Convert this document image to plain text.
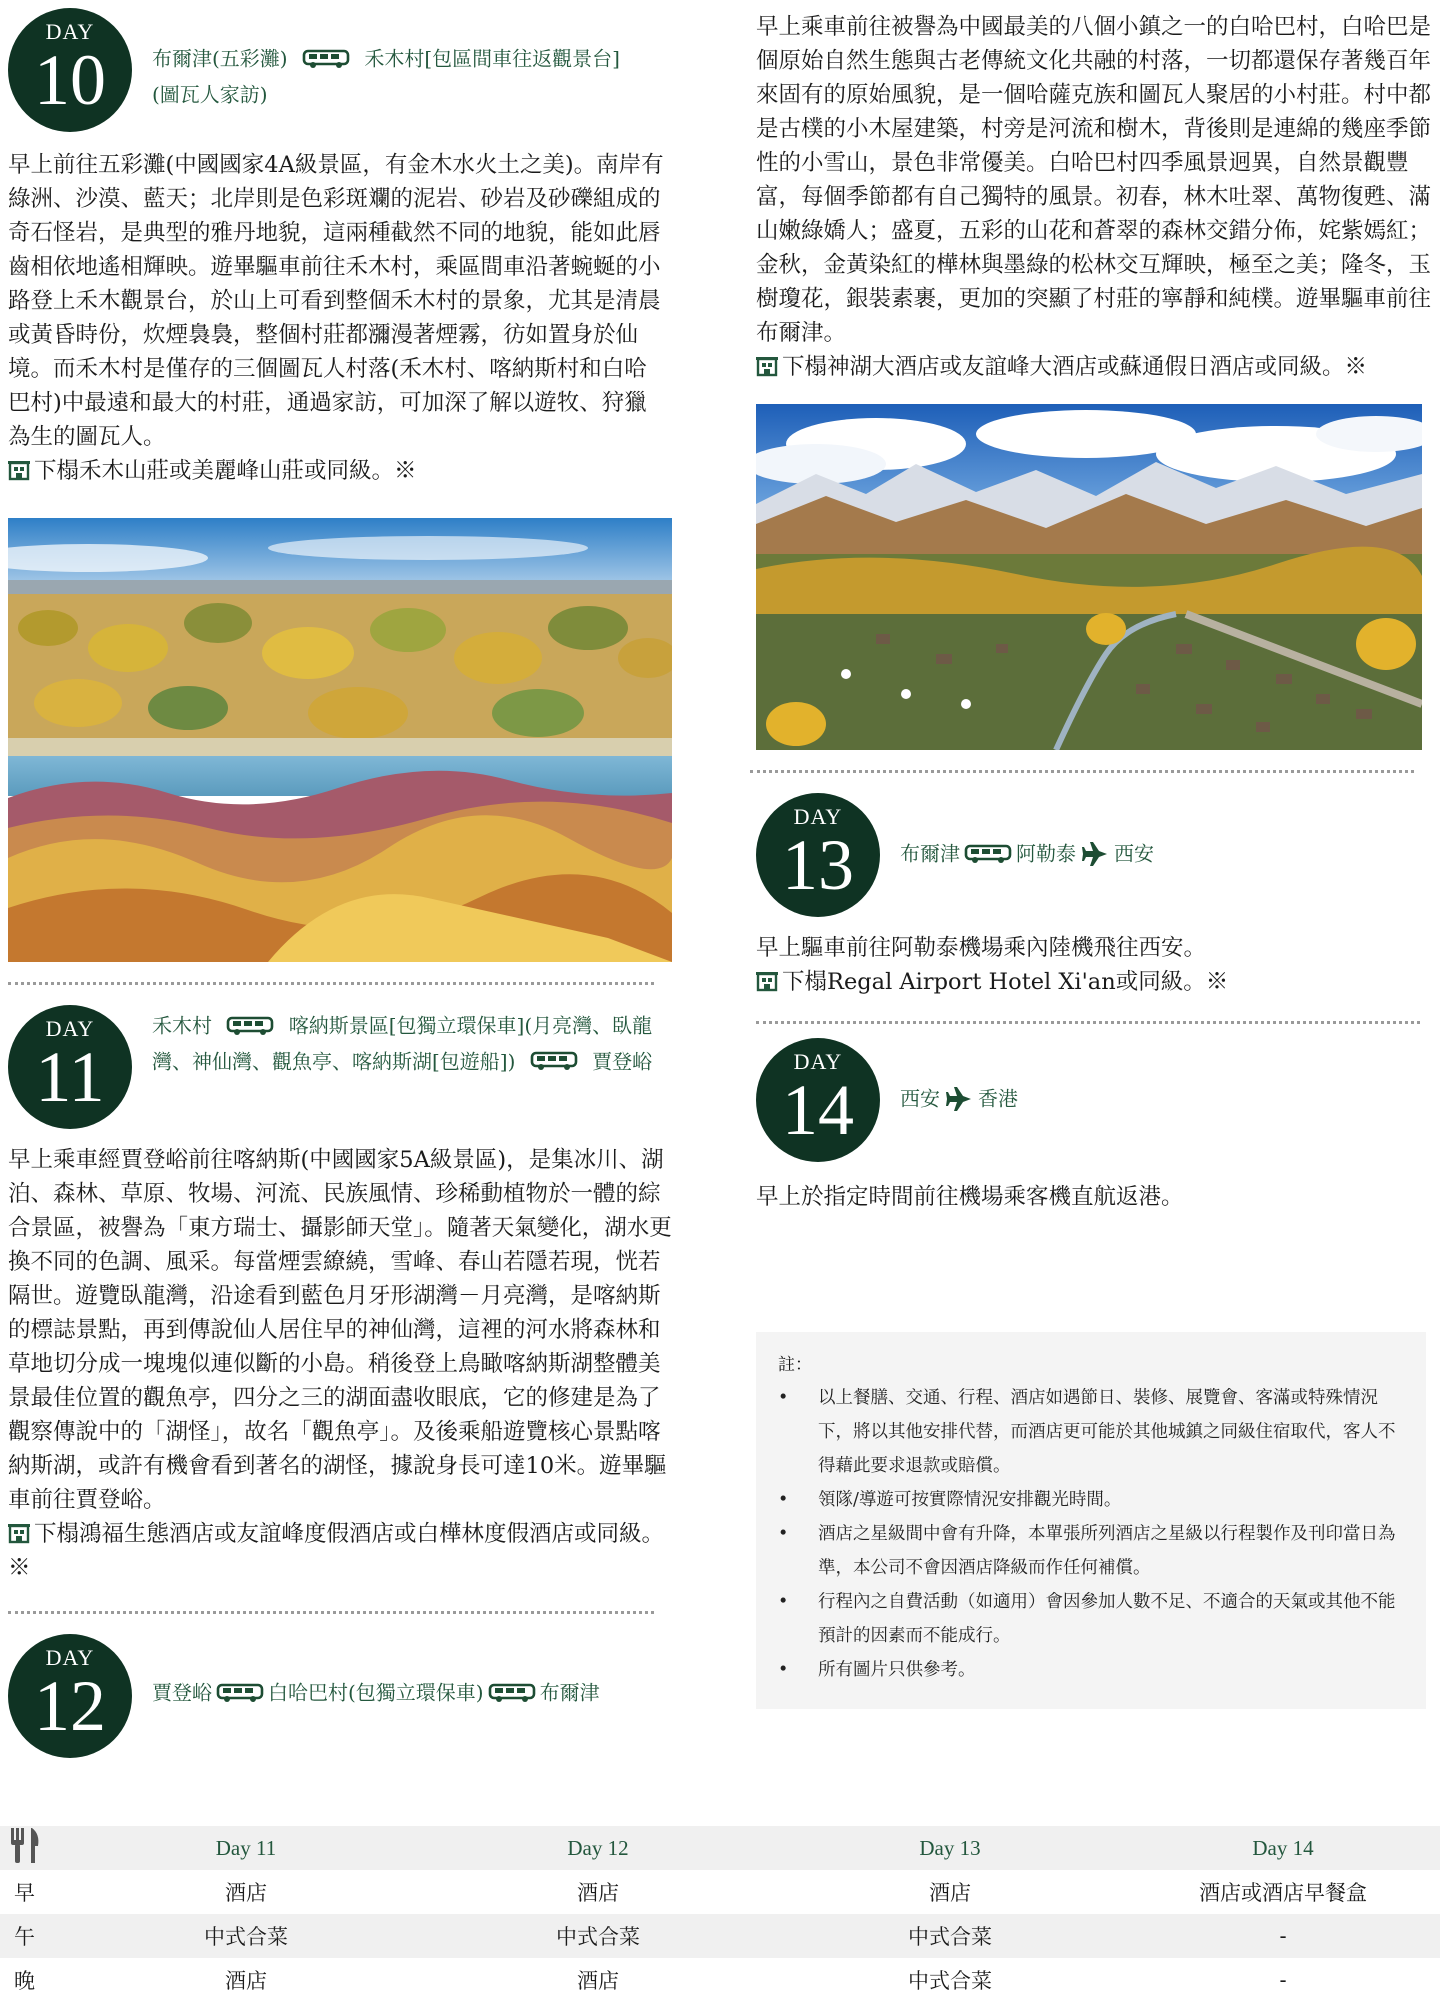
DAY
10 布爾津(五彩灘)	禾木村[包區間車往返觀景台]
(圖瓦人家訪)

早上前往五彩灘(中國國家4A級景區，有金木水火土之美)。南岸有綠洲、沙漠、藍天；北岸則是色彩斑斕的泥岩、砂岩及砂礫組成的奇石怪岩，是典型的雅丹地貌，這兩種截然不同的地貌，能如此唇齒相依地遙相輝映。遊畢驅車前往禾木村，乘區間車沿著蜿蜒的小路登上禾木觀景台，於山上可看到整個禾木村的景象，尤其是清晨或黃昏時份，炊煙裊裊，整個村莊都瀰漫著煙霧，彷如置身於仙境。而禾木村是僅存的三個圖瓦人村落(禾木村、喀納斯村和白哈巴村)中最遠和最大的村莊，通過家訪，可加深了解以遊牧、狩獵為生的圖瓦人。

下榻禾木山莊或美麗峰山莊或同級。※

DAY
11
禾木村	喀納斯景區[包獨立環保車](月亮灣、臥龍灣、神仙灣、觀魚亭、喀納斯湖[包遊船])	賈登峪

早上乘車經賈登峪前往喀納斯(中國國家5A級景區)，是集冰川、湖泊、森林、草原、牧場、河流、民族風情、珍稀動植物於一體的綜合景區，被譽為「東方瑞士、攝影師天堂」。隨著天氣變化，湖水更換不同的色調、風采。每當煙雲繚繞，雪峰、春山若隱若現，恍若隔世。遊覽臥龍灣，沿途看到藍色月牙形湖灣－月亮灣，是喀納斯的標誌景點，再到傳說仙人居住早的神仙灣，這裡的河水將森林和草地切分成一塊塊似連似斷的小島。稍後登上鳥瞰喀納斯湖整體美景最佳位置的觀魚亭，四分之三的湖面盡收眼底，它的修建是為了觀察傳說中的「湖怪」，故名「觀魚亭」。及後乘船遊覽核心景點喀納斯湖，或許有機會看到著名的湖怪，據說身長可達10米。遊畢驅車前往賈登峪。

下榻鴻福生態酒店或友誼峰度假酒店或白樺林度假酒店或同級。※

DAY
12 賈登峪	白哈巴村(包獨立環保車)	布爾津

早上乘車前往被譽為中國最美的八個小鎮之一的白哈巴村，白哈巴是個原始自然生態與古老傳統文化共融的村落，一切都還保存著幾百年來固有的原始風貌，是一個哈薩克族和圖瓦人聚居的小村莊。村中都是古樸的小木屋建築，村旁是河流和樹木，背後則是連綿的幾座季節性的小雪山，景色非常優美。白哈巴村四季風景迥異，自然景觀豐富，每個季節都有自己獨特的風景。初春，林木吐翠、萬物復甦、滿山嫩綠嬌人；盛夏，五彩的山花和蒼翠的森林交錯分佈，姹紫嫣紅；金秋，金黃染紅的樺林與墨綠的松林交互輝映，極至之美；隆冬，玉樹瓊花，銀裝素裹，更加的突顯了村莊的寧靜和純樸。遊畢驅車前往布爾津。

下榻神湖大酒店或友誼峰大酒店或蘇通假日酒店或同級。※

DAY
13 布爾津	阿勒泰 西安

早上驅車前往阿勒泰機場乘內陸機飛往西安。

下榻Regal Airport Hotel Xi'an或同級。※

DAY
14 西安 香港

早上於指定時間前往機場乘客機直航返港。

註：
• 以上餐膳、交通、行程、酒店如遇節日、裝修、展覽會、客滿或特殊情況下，將以其他安排代替，而酒店更可能於其他城鎮之同級住宿取代，客人不得藉此要求退款或賠償。
• 領隊/導遊可按實際情況安排觀光時間。
• 酒店之星級間中會有升降，本單張所列酒店之星級以行程製作及刊印當日為準，本公司不會因酒店降級而作任何補償。
• 行程內之自費活動（如適用）會因參加人數不足、不適合的天氣或其他不能預計的因素而不能成行。
• 所有圖片只供參考。
	Day 11	Day 12	Day 13	Day 14
早	酒店	酒店	酒店	酒店或酒店早餐盒
午	中式合菜	中式合菜	中式合菜	-
晚	酒店	酒店	中式合菜	-
